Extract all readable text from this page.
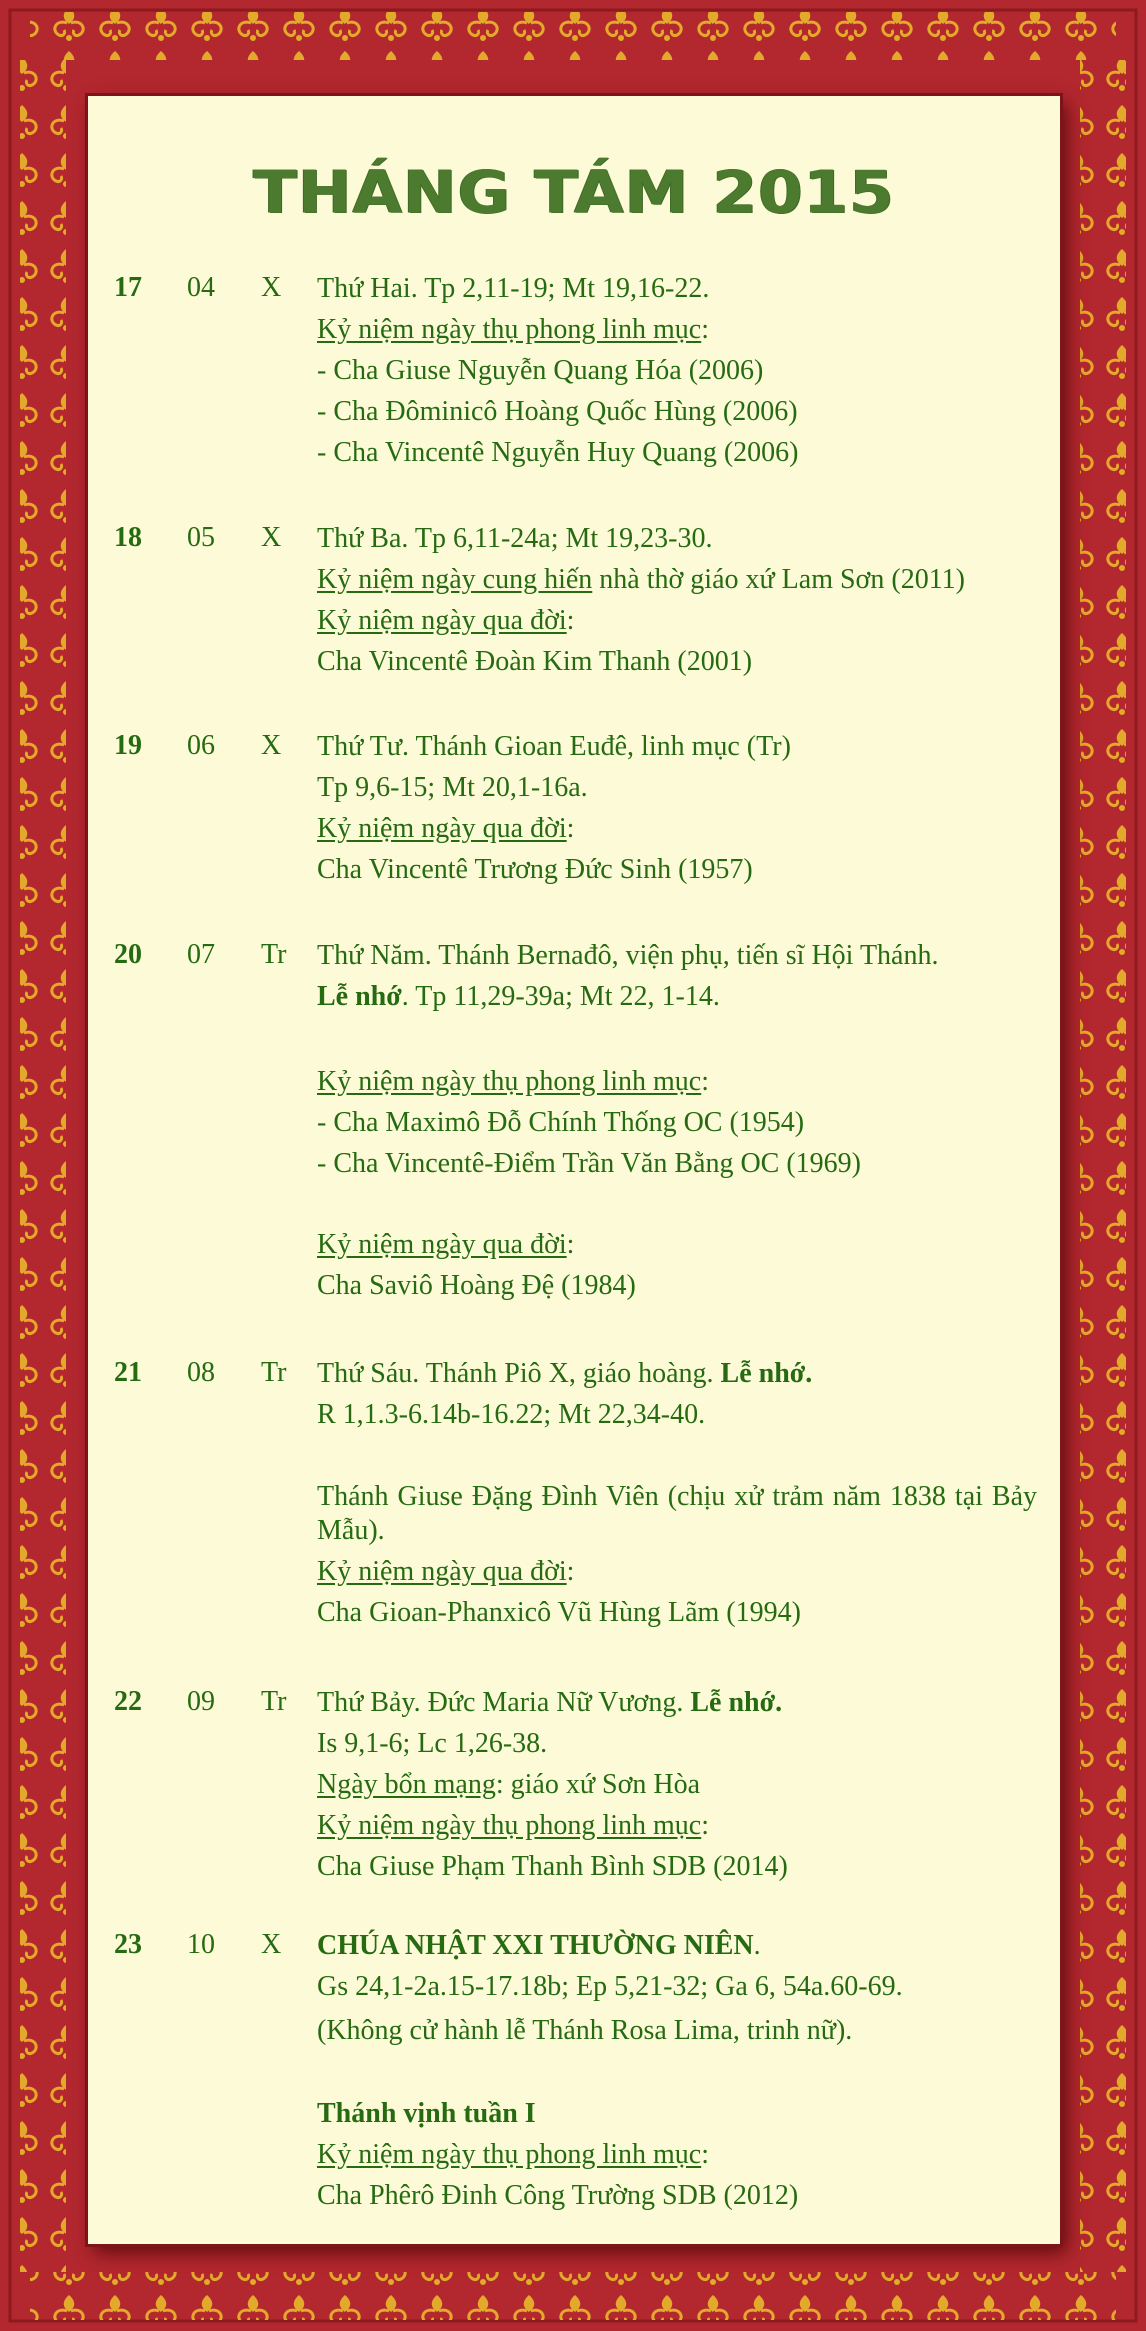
THÁNG TÁM 2015
17 04 X Thứ Hai. Tp 2,11-19; Mt 19,16-22.
Kỷ niệm ngày thụ phong linh mục:
- Cha Giuse Nguyễn Quang Hóa (2006)
- Cha Đôminicô Hoàng Quốc Hùng (2006)
- Cha Vincentê Nguyễn Huy Quang (2006)
18 05 X Thứ Ba. Tp 6,11-24a; Mt 19,23-30.
Kỷ niệm ngày cung hiến nhà thờ giáo xứ Lam Sơn (2011)
Kỷ niệm ngày qua đời:
Cha Vincentê Đoàn Kim Thanh (2001)
19 06 X Thứ Tư. Thánh Gioan Euđê, linh mục (Tr)
Tp 9,6-15; Mt 20,1-16a.
Kỷ niệm ngày qua đời:
Cha Vincentê Trương Đức Sinh (1957)
20 07 Tr Thứ Năm. Thánh Bernađô, viện phụ, tiến sĩ Hội Thánh.
Lễ nhớ. Tp 11,29-39a; Mt 22, 1-14.
Kỷ niệm ngày thụ phong linh mục:
- Cha Maximô Đỗ Chính Thống OC (1954)
- Cha Vincentê-Điểm Trần Văn Bằng OC (1969)
Kỷ niệm ngày qua đời:
Cha Saviô Hoàng Đệ (1984)
21 08 Tr Thứ Sáu. Thánh Piô X, giáo hoàng. Lễ nhớ.
R 1,1.3-6.14b-16.22; Mt 22,34-40.
Thánh Giuse Đặng Đình Viên (chịu xử trảm năm 1838 tại Bảy Mẫu).
Kỷ niệm ngày qua đời:
Cha Gioan-Phanxicô Vũ Hùng Lãm (1994)
22 09 Tr Thứ Bảy. Đức Maria Nữ Vương. Lễ nhớ.
Is 9,1-6; Lc 1,26-38.
Ngày bổn mạng: giáo xứ Sơn Hòa
Kỷ niệm ngày thụ phong linh mục:
Cha Giuse Phạm Thanh Bình SDB (2014)
23 10 X CHÚA NHẬT XXI THƯỜNG NIÊN.
Gs 24,1-2a.15-17.18b; Ep 5,21-32; Ga 6, 54a.60-69.
(Không cử hành lễ Thánh Rosa Lima, trinh nữ).
Thánh vịnh tuần I
Kỷ niệm ngày thụ phong linh mục:
Cha Phêrô Đinh Công Trường SDB (2012)
